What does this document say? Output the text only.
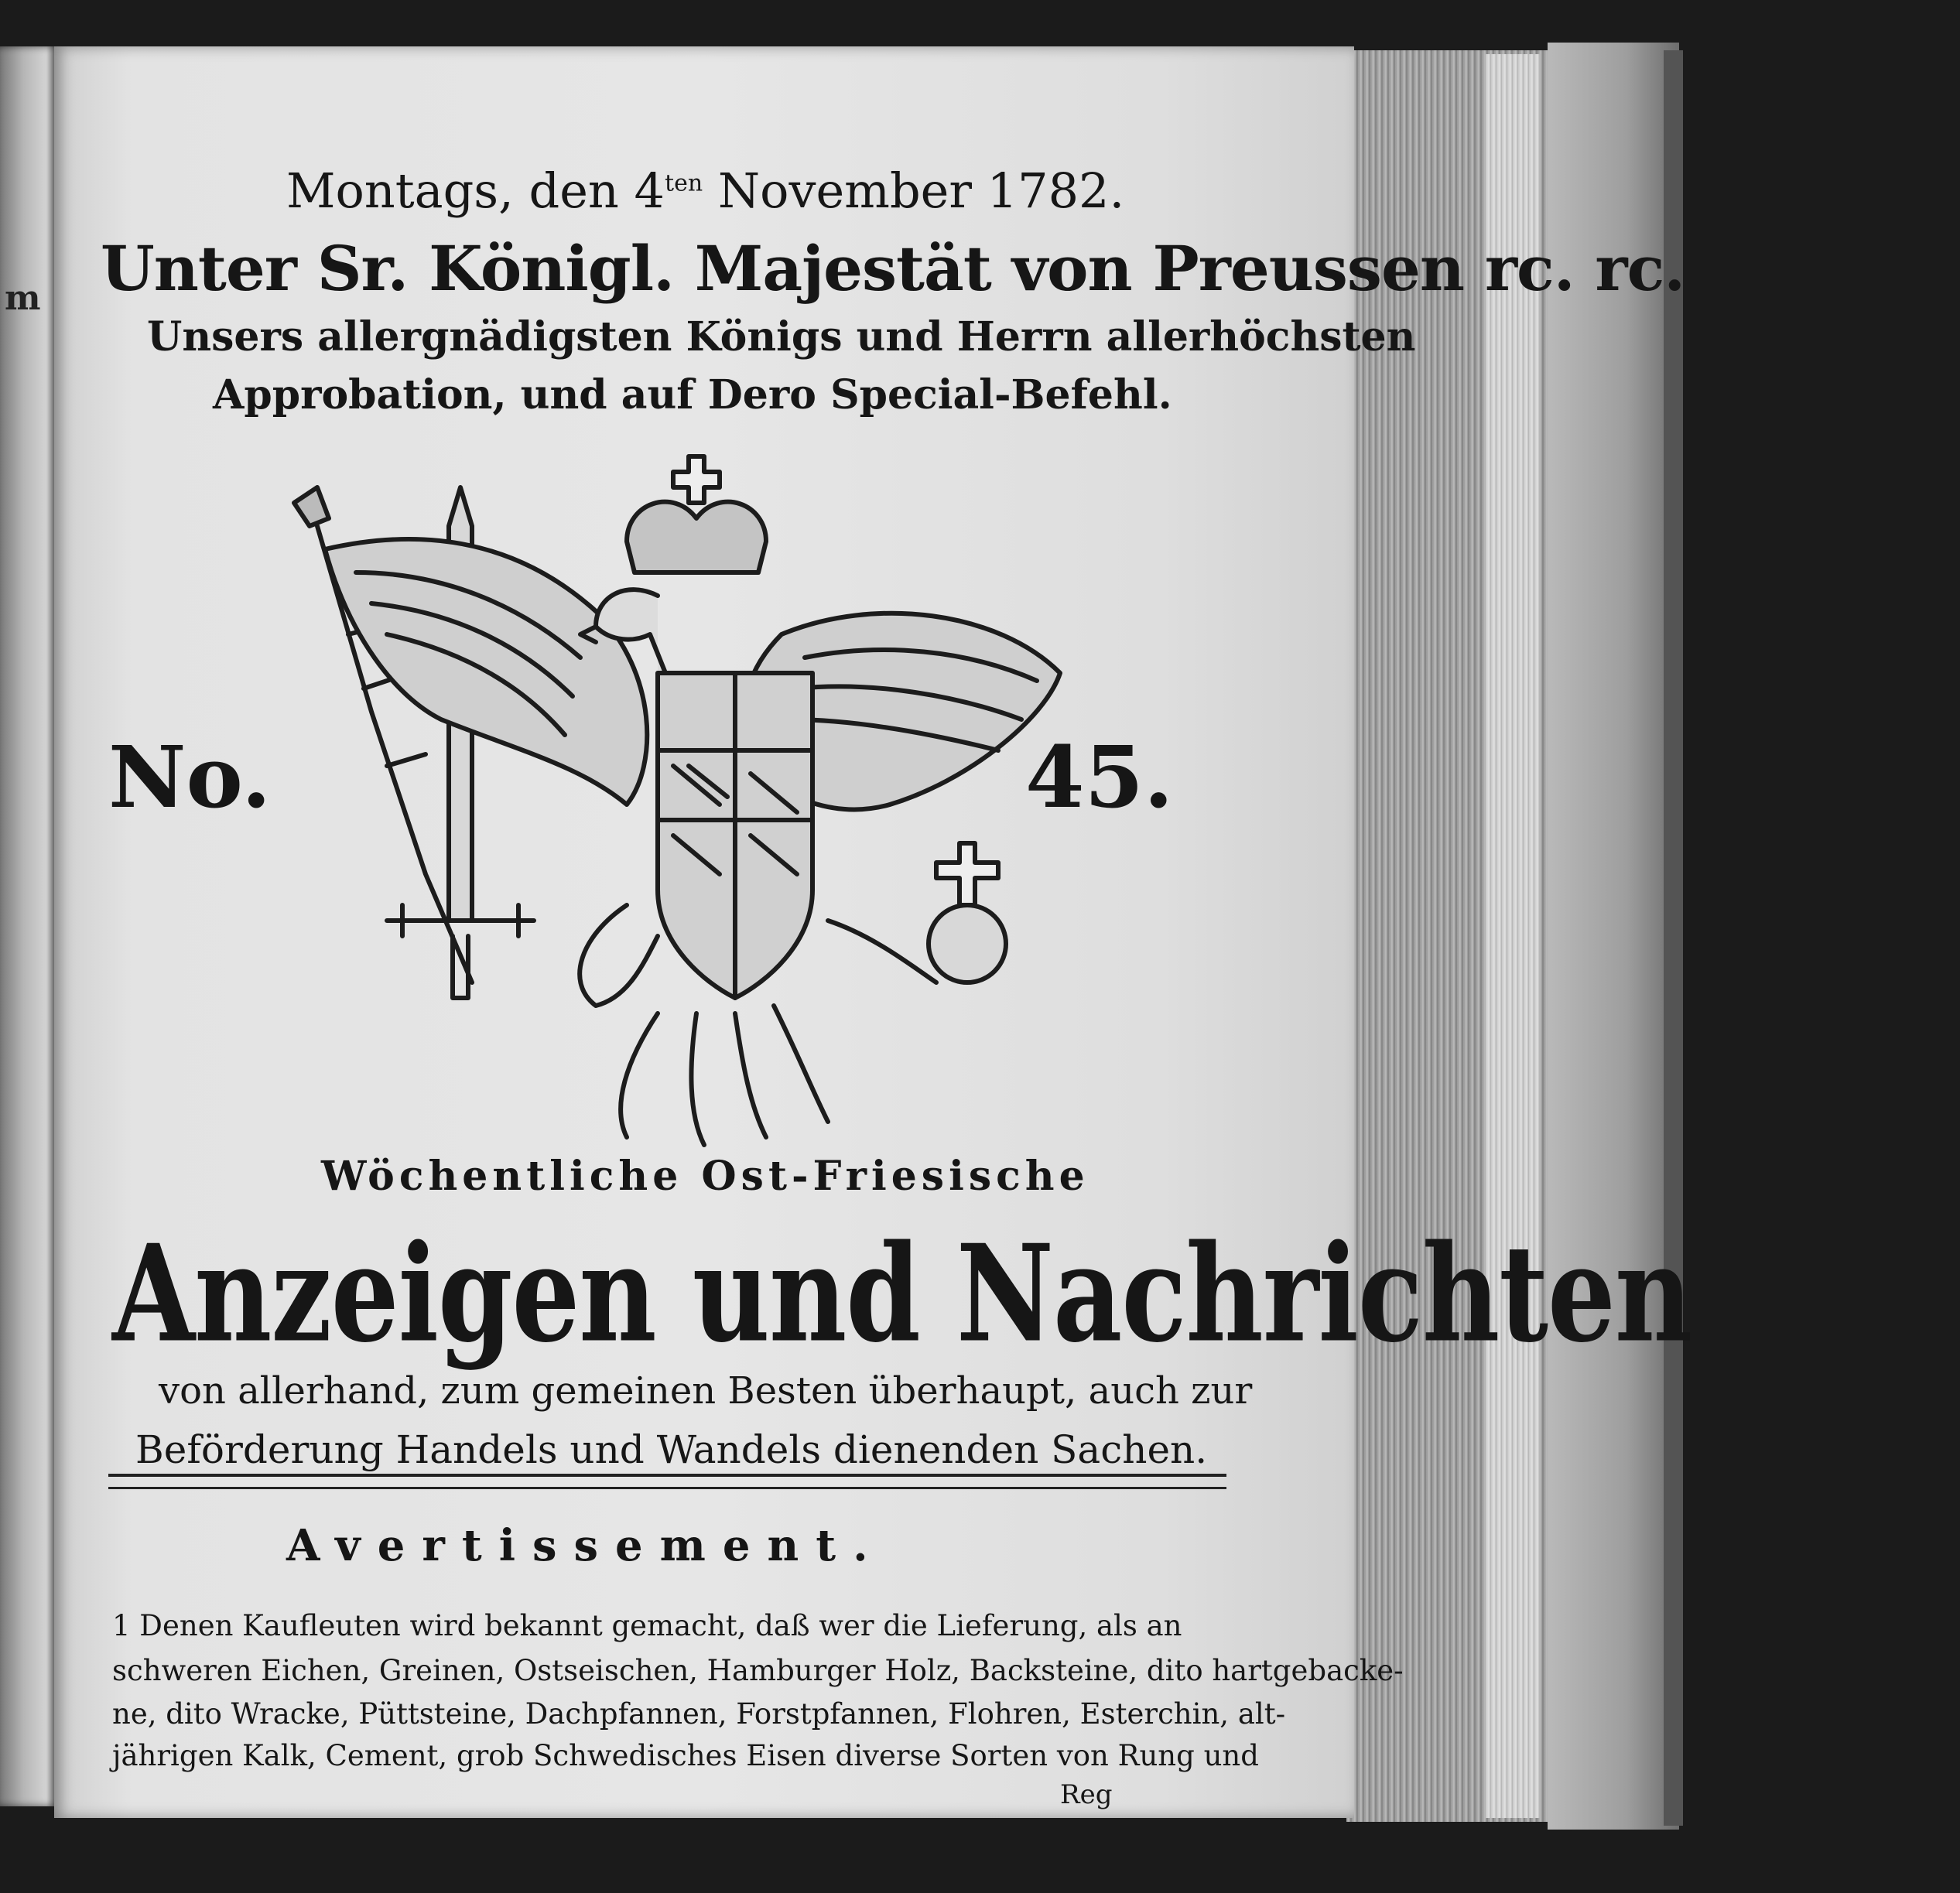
m
Montags, den $4^{ten}$ November 1782.
Unter Sr. Königl. Majestät von Preussen rc. rc.
Unsers allergnädigsten Königs und Herrn allerhöchsten
Approbation, und auf Dero Special-Befehl.
No.	45.
Wöchentliche Ost-Friesische
Anzeigen und Nachrichten
von allerhand, zum gemeinen Besten überhaupt, auch zur
Beförderung Handels und Wandels dienenden Sachen.
Avertissement.
1 Denen Kaufleuten wird bekannt gemacht, daß wer die Lieferung, als an
schweren Eichen, Greinen, Ostseischen, Hamburger Holz, Backsteine, dito hartgebacke-
ne, dito Wracke, Püttsteine, Dachpfannen, Forstpfannen, Flohren, Esterchin, alt-
jährigen Kalk, Cement, grob Schwedisches Eisen diverse Sorten von Rung und
Reg
